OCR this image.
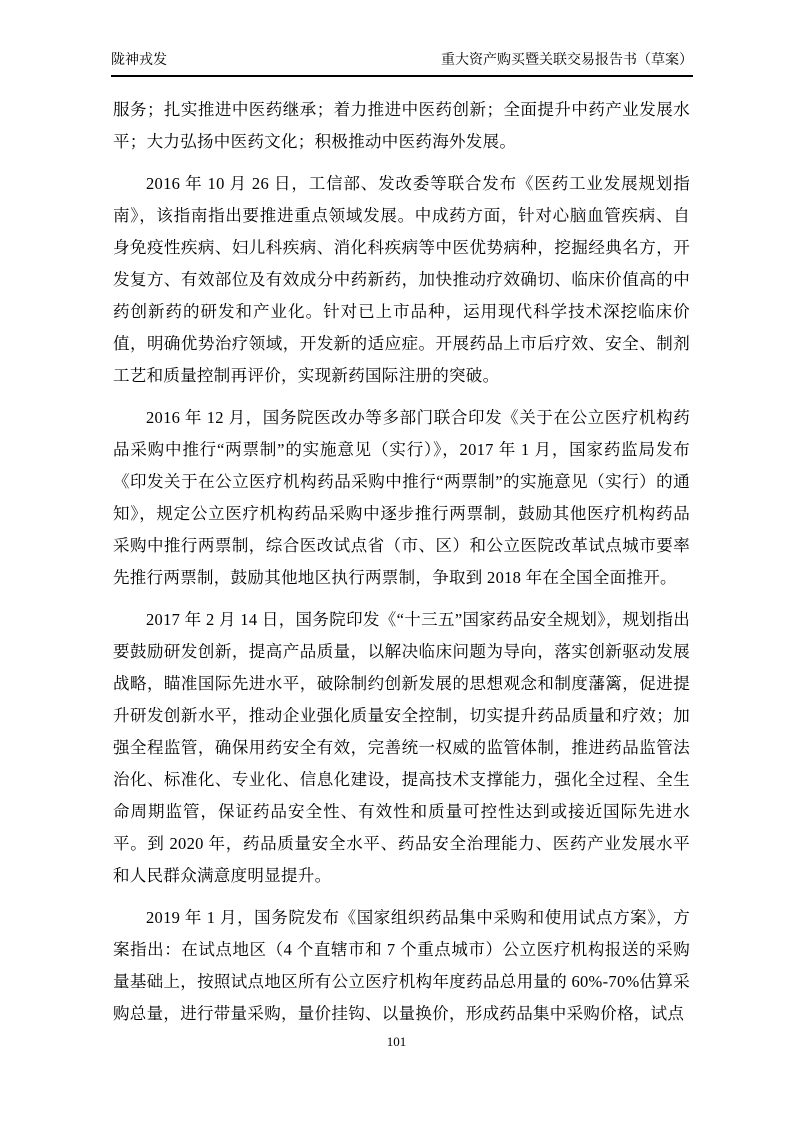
陇神戎发	重大资产购买暨关联交易报告书（草案）

服务；扎实推进中医药继承；着力推进中医药创新；全面提升中药产业发展水平；大力弘扬中医药文化；积极推动中医药海外发展。

2016 年 10 月 26 日，工信部、发改委等联合发布《医药工业发展规划指南》，该指南指出要推进重点领域发展。中成药方面，针对心脑血管疾病、自身免疫性疾病、妇儿科疾病、消化科疾病等中医优势病种，挖掘经典名方，开发复方、有效部位及有效成分中药新药，加快推动疗效确切、临床价值高的中药创新药的研发和产业化。针对已上市品种，运用现代科学技术深挖临床价值，明确优势治疗领域，开发新的适应症。开展药品上市后疗效、安全、制剂工艺和质量控制再评价，实现新药国际注册的突破。

2016 年 12 月，国务院医改办等多部门联合印发《关于在公立医疗机构药品采购中推行“两票制”的实施意见（实行）》，2017 年 1 月，国家药监局发布《印发关于在公立医疗机构药品采购中推行“两票制”的实施意见（实行）的通知》，规定公立医疗机构药品采购中逐步推行两票制，鼓励其他医疗机构药品采购中推行两票制，综合医改试点省（市、区）和公立医院改革试点城市要率先推行两票制，鼓励其他地区执行两票制，争取到 2018 年在全国全面推开。

2017 年 2 月 14 日，国务院印发《“十三五”国家药品安全规划》，规划指出要鼓励研发创新，提高产品质量，以解决临床问题为导向，落实创新驱动发展战略，瞄准国际先进水平，破除制约创新发展的思想观念和制度藩篱，促进提升研发创新水平，推动企业强化质量安全控制，切实提升药品质量和疗效；加强全程监管，确保用药安全有效，完善统一权威的监管体制，推进药品监管法治化、标准化、专业化、信息化建设，提高技术支撑能力，强化全过程、全生命周期监管，保证药品安全性、有效性和质量可控性达到或接近国际先进水平。到 2020 年，药品质量安全水平、药品安全治理能力、医药产业发展水平和人民群众满意度明显提升。

2019 年 1 月，国务院发布《国家组织药品集中采购和使用试点方案》，方案指出：在试点地区（4 个直辖市和 7 个重点城市）公立医疗机构报送的采购量基础上，按照试点地区所有公立医疗机构年度药品总用量的 60%-70%估算采购总量，进行带量采购，量价挂钩、以量换价，形成药品集中采购价格，试点

101
